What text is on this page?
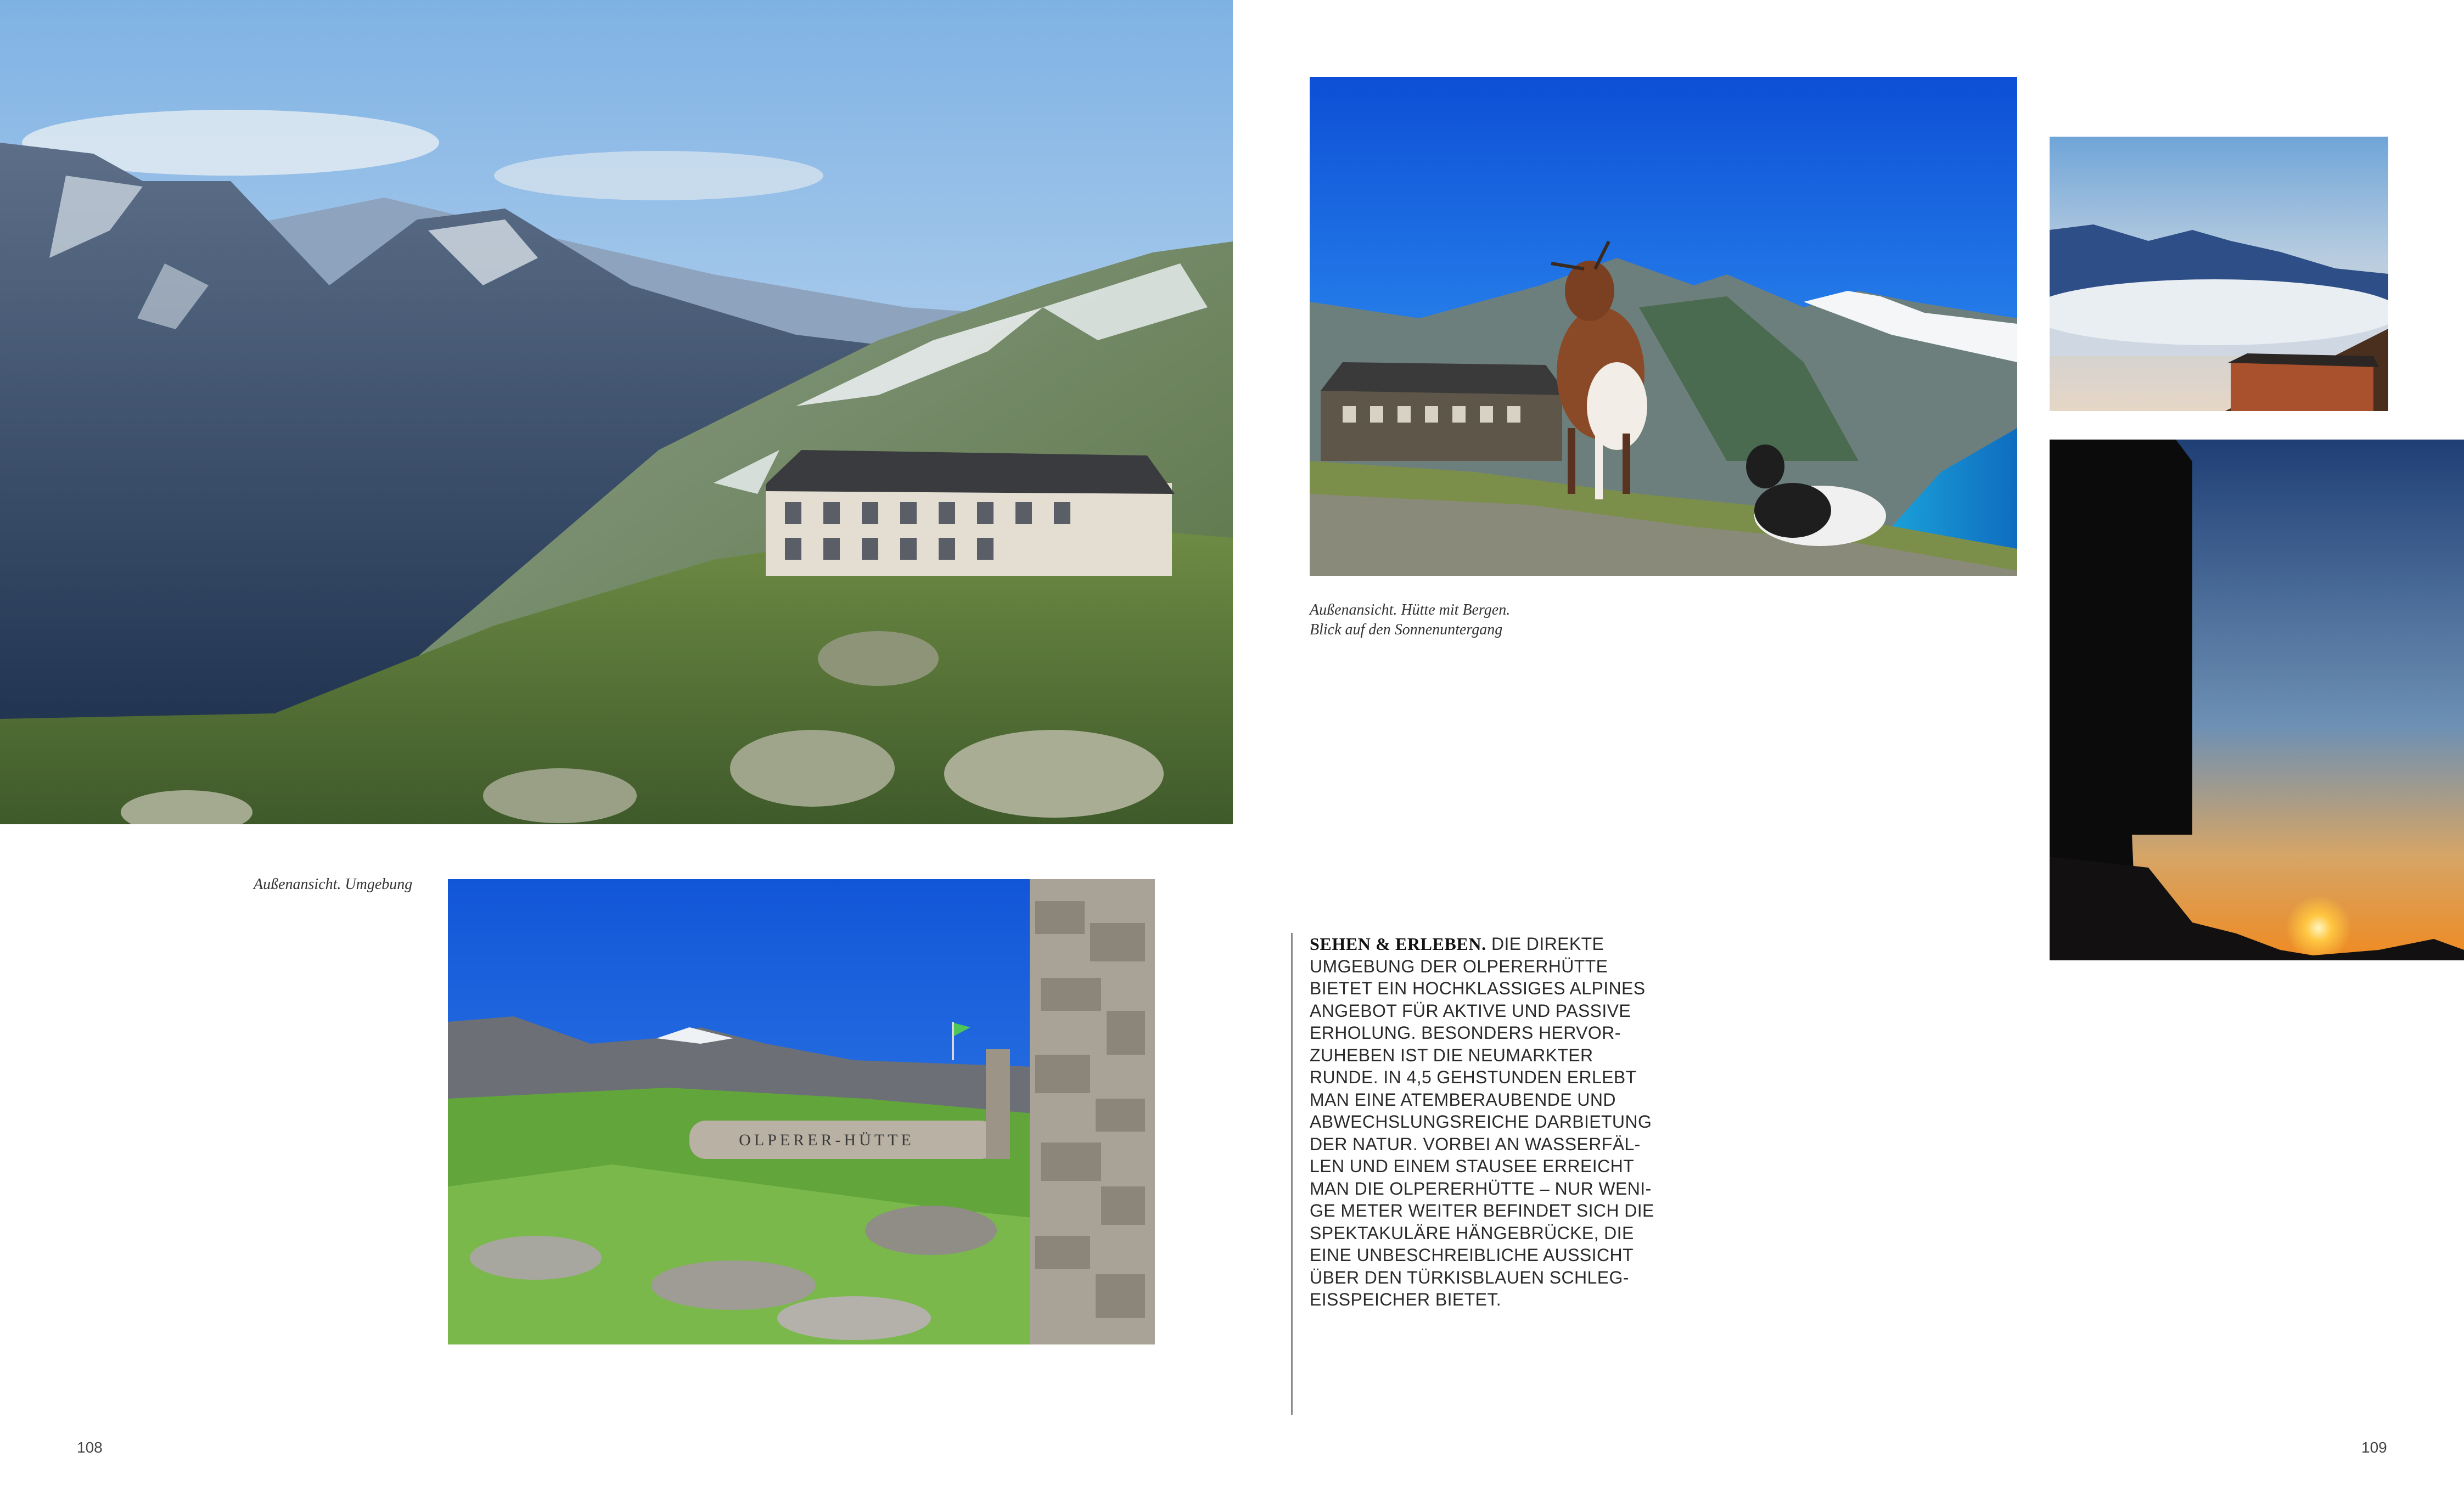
OLPERER-HÜTTE
Außenansicht. Umgebung
Außenansicht. Hütte mit Bergen.
Blick auf den Sonnenuntergang
SEHEN & ERLEBEN. DIE DIREKTE
UMGEBUNG DER OLPERERHÜTTE
BIETET EIN HOCHKLASSIGES ALPINES
ANGEBOT FÜR AKTIVE UND PASSIVE
ERHOLUNG. BESONDERS HERVOR-
ZUHEBEN IST DIE NEUMARKTER
RUNDE. IN 4,5 GEHSTUNDEN ERLEBT
MAN EINE ATEMBERAUBENDE UND
ABWECHSLUNGSREICHE DARBIETUNG
DER NATUR. VORBEI AN WASSERFÄL-
LEN UND EINEM STAUSEE ERREICHT
MAN DIE OLPERERHÜTTE – NUR WENI-
GE METER WEITER BEFINDET SICH DIE
SPEKTAKULÄRE HÄNGEBRÜCKE, DIE
EINE UNBESCHREIBLICHE AUSSICHT
ÜBER DEN TÜRKISBLAUEN SCHLEG-
EISSPEICHER BIETET.
108	109
